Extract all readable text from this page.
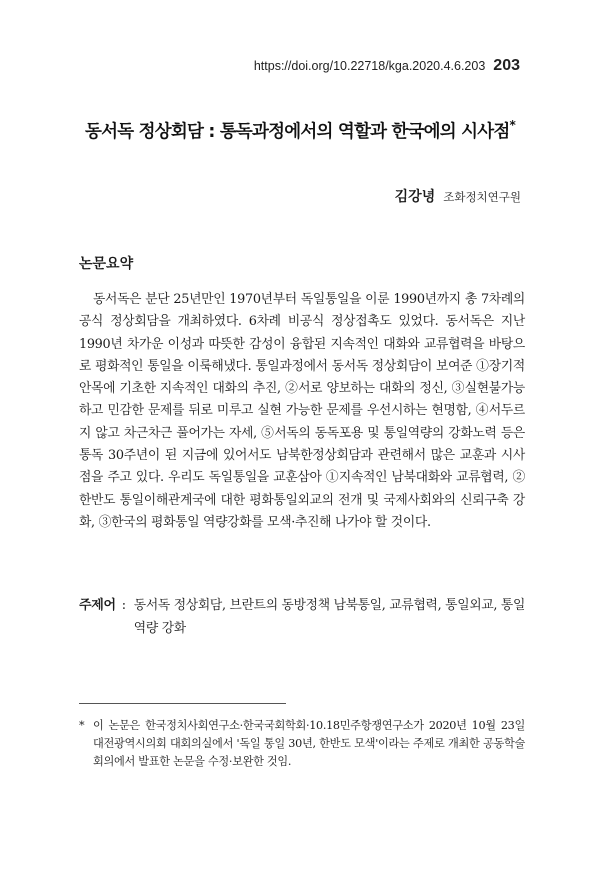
https://doi.org/10.22718/kga.2020.4.6.203 203
동서독 정상회담 : 통독과정에서의 역할과 한국에의 시사점*
김강녕 조화정치연구원
논문요약

동서독은 분단 25년만인 1970년부터 독일통일을 이룬 1990년까지 총 7차례의 공식 정상회담을 개최하였다. 6차례 비공식 정상접촉도 있었다. 동서독은 지난 1990년 차가운 이성과 따뜻한 감성이 융합된 지속적인 대화와 교류협력을 바탕으로 평화적인 통일을 이룩해냈다. 통일과정에서 동서독 정상회담이 보여준 ①장기적 안목에 기초한 지속적인 대화의 추진, ②서로 양보하는 대화의 정신, ③실현불가능하고 민감한 문제를 뒤로 미루고 실현 가능한 문제를 우선시하는 현명함, ④서두르지 않고 차근차근 풀어가는 자세, ⑤서독의 동독포용 및 통일역량의 강화노력 등은 통독 30주년이 된 지금에 있어서도 남북한정상회담과 관련해서 많은 교훈과 시사점을 주고 있다. 우리도 독일통일을 교훈삼아 ①지속적인 남북대화와 교류협력, ②한반도 통일이해관계국에 대한 평화통일외교의 전개 및 국제사회와의 신뢰구축 강화, ③한국의 평화통일 역량강화를 모색·추진해 나가야 할 것이다.

주제어 : 동서독 정상회담, 브란트의 동방정책 남북통일, 교류협력, 통일외교, 통일역량 강화
* 이 논문은 한국정치사회연구소·한국국회학회·10.18민주항쟁연구소가 2020년 10월 23일 대전광역시의회 대회의실에서 '독일 통일 30년, 한반도 모색'이라는 주제로 개최한 공동학술회의에서 발표한 논문을 수정·보완한 것임.
